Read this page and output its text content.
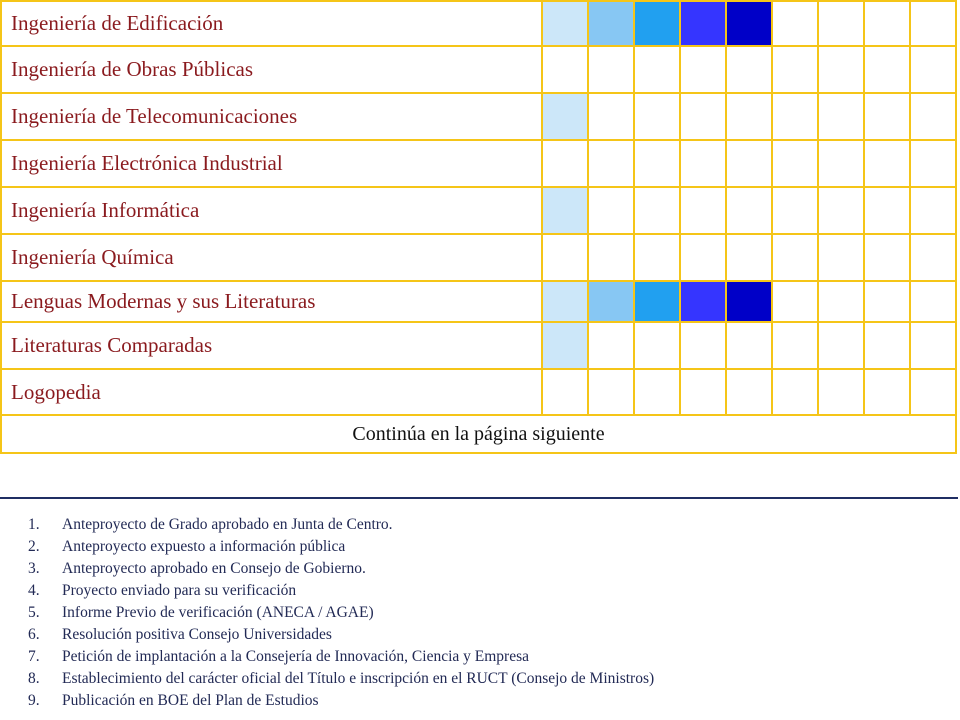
Ingeniería de Edificación									
Ingeniería de Obras Públicas									
Ingeniería de Telecomunicaciones									
Ingeniería Electrónica Industrial									
Ingeniería Informática									
Ingeniería Química									
Lenguas Modernas y sus Literaturas									
Literaturas Comparadas									
Logopedia									
Continúa en la página siguiente									
1. Anteproyecto de Grado aprobado en Junta de Centro.
2. Anteproyecto expuesto a información pública
3. Anteproyecto aprobado en Consejo de Gobierno.
4. Proyecto enviado para su verificación
5. Informe Previo de verificación (ANECA / AGAE)
6. Resolución positiva Consejo Universidades
7. Petición de implantación a la Consejería de Innovación, Ciencia y Empresa
8. Establecimiento del carácter oficial del Título e inscripción en el RUCT (Consejo de Ministros)
9. Publicación en BOE del Plan de Estudios
